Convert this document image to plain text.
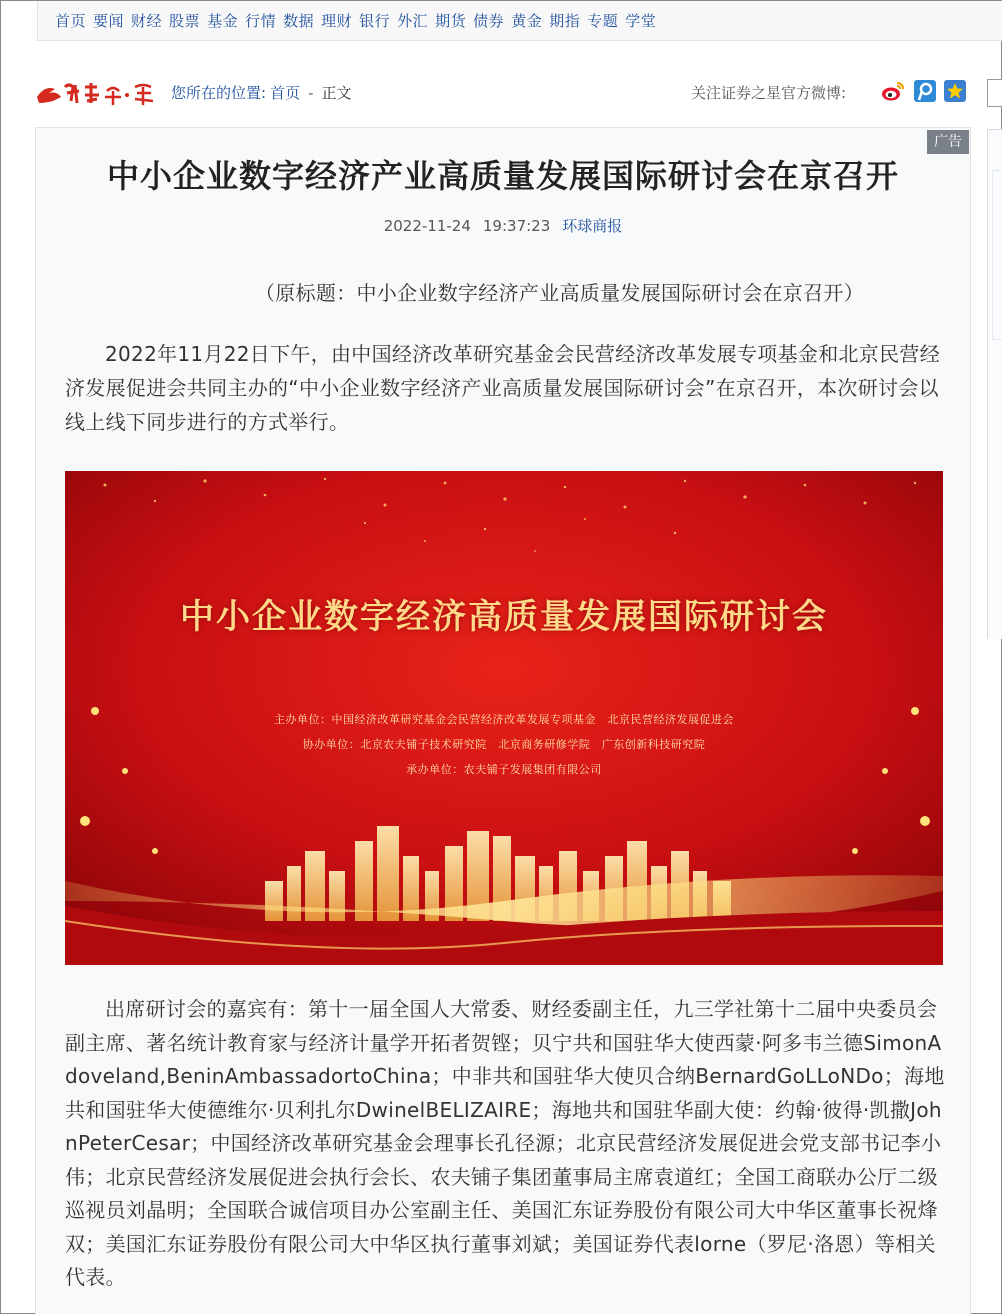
首页 要闻 财经 股票 基金 行情 数据 理财 银行 外汇 期货 债券 黄金 期指 专题 学堂
您所在的位置: 首页 - 正文	关注证券之星官方微博:
广告
中小企业数字经济产业高质量发展国际研讨会在京召开
2022-11-24 19:37:23 环球商报

（原标题：中小企业数字经济产业高质量发展国际研讨会在京召开）

2022年11月22日下午，由中国经济改革研究基金会民营经济改革发展专项基金和北京民营经济发展促进会共同主办的“中小企业数字经济产业高质量发展国际研讨会”在京召开，本次研讨会以线上线下同步进行的方式举行。

中小企业数字经济高质量发展国际研讨会
主办单位：中国经济改革研究基金会民营经济改革发展专项基金　北京民营经济发展促进会
协办单位：北京农夫铺子技术研究院　北京商务研修学院　广东创新科技研究院
承办单位：农夫铺子发展集团有限公司

出席研讨会的嘉宾有：第十一届全国人大常委、财经委副主任，九三学社第十二届中央委员会副主席、著名统计教育家与经济计量学开拓者贺铿；贝宁共和国驻华大使西蒙·阿多韦兰德SimonAdoveland,BeninAmbassadortoChina；中非共和国驻华大使贝合纳BernardGoLLoNDo；海地共和国驻华大使德维尔·贝利扎尔DwinelBELIZAIRE；海地共和国驻华副大使：约翰·彼得·凯撒JohnPeterCesar；中国经济改革研究基金会理事长孔径源；北京民营经济发展促进会党支部书记李小伟；北京民营经济发展促进会执行会长、农夫铺子集团董事局主席袁道红；全国工商联办公厅二级巡视员刘晶明；全国联合诚信项目办公室副主任、美国汇东证券股份有限公司大中华区董事长祝烽双；美国汇东证券股份有限公司大中华区执行董事刘斌；美国证券代表lorne（罗尼·洛恩）等相关代表。
